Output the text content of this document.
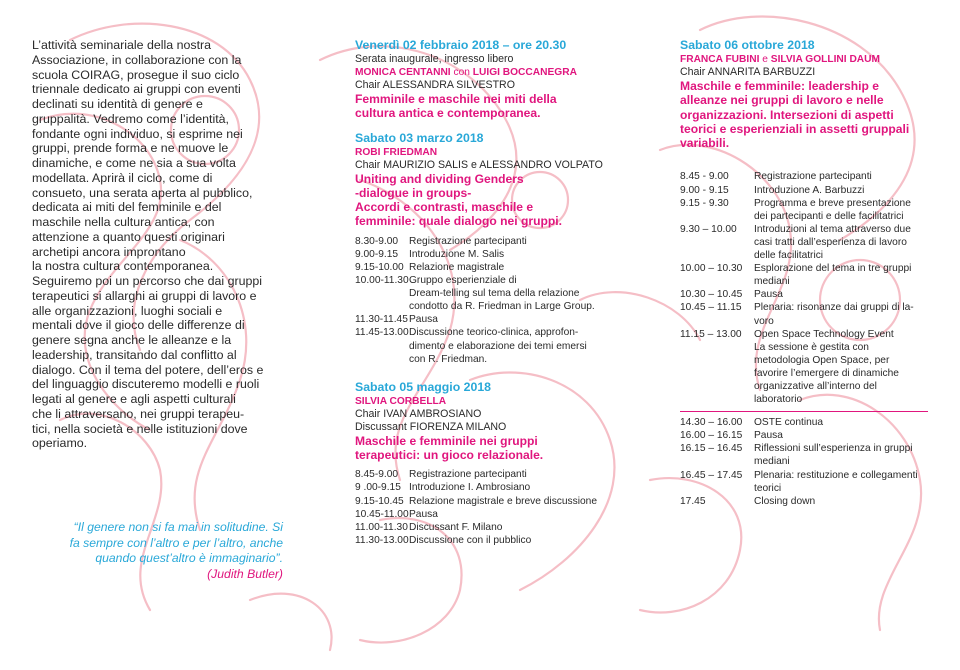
L’attività seminariale della nostra
Associazione, in collaborazione con la
scuola COIRAG, prosegue il suo ciclo
triennale dedicato ai gruppi con eventi
declinati su identità di genere e
gruppalità. Vedremo come l’identità,
fondante ogni individuo, si esprime nei
gruppi, prende forma e ne muove le
dinamiche, e come ne sia a sua volta
modellata. Aprirà il ciclo, come di
consueto, una serata aperta al pubblico,
dedicata ai miti del femminile e del
maschile nella cultura antica, con
attenzione a quanto questi originari
archetipi ancora improntano
la nostra cultura contemporanea.
Seguiremo poi un percorso che dai gruppi
terapeutici si allarghi ai gruppi di lavoro e
alle organizzazioni, luoghi sociali e
mentali dove il gioco delle differenze di
genere segna anche le alleanze e la
leadership, transitando dal conflitto al
dialogo. Con il tema del potere, dell’eros e
del linguaggio discuteremo modelli e ruoli
legati al genere e agli aspetti culturali
che li attraversano, nei gruppi terapeu-
tici, nella società e nelle istituzioni dove
operiamo.

“Il genere non si fa mai in solitudine. Si
fa sempre con l’altro e per l’altro, anche
quando quest’altro è immaginario”.
(Judith Butler)
Venerdì 02 febbraio 2018 – ore 20.30
Serata inaugurale, ingresso libero
MONICA CENTANNI con LUIGI BOCCANEGRA
Chair ALESSANDRA SILVESTRO
Femminile e maschile nei miti della
cultura antica e contemporanea.
Sabato 03 marzo 2018
ROBI FRIEDMAN
Chair MAURIZIO SALIS e ALESSANDRO VOLPATO
Uniting and dividing Genders
-dialogue in groups-
Accordi e contrasti, maschile e
femminile: quale dialogo nei gruppi.
8.30-9.00	Registrazione partecipanti
9.00-9.15	Introduzione M. Salis
9.15-10.00 Relazione magistrale
10.00-11.30 Gruppo esperienziale di
Dream-telling sul tema della relazione
condotto da R. Friedman in Large Group.
11.30-11.45 Pausa
11.45-13.00 Discussione teorico-clinica, approfon-
dimento e elaborazione dei temi emersi
con R. Friedman.
Sabato 05 maggio 2018
SILVIA CORBELLA
Chair IVAN AMBROSIANO
Discussant FIORENZA MILANO
Maschile e femminile nei gruppi
terapeutici: un gioco relazionale.
8.45-9.00	Registrazione partecipanti
9 .00-9.15 Introduzione I. Ambrosiano
9.15-10.45 Relazione magistrale e breve discussione
10.45-11.00 Pausa
11.00-11.30 Discussant F. Milano
11.30-13.00 Discussione con il pubblico
Sabato 06 ottobre 2018
FRANCA FUBINI e SILVIA GOLLINI DAUM
Chair ANNARITA BARBUZZI
Maschile e femminile: leadership e
alleanze nei gruppi di lavoro e nelle
organizzazioni. Intersezioni di aspetti
teorici e esperienziali in assetti gruppali
variabili.
8.45 - 9.00	Registrazione partecipanti
9.00 - 9.15	Introduzione A. Barbuzzi
9.15 - 9.30	Programma e breve presentazione
dei partecipanti e delle facilitatrici
9.30 – 10.00	Introduzioni al tema attraverso due
casi tratti dall’esperienza di lavoro
delle facilitatrici
10.00 – 10.30	Esplorazione del tema in tre gruppi
mediani
10.30 – 10.45	Pausa
10.45 – 11.15	Plenaria: risonanze dai gruppi di la-
voro
11.15 – 13.00	Open Space Technology Event
La sessione è gestita con
metodologia Open Space, per
favorire l’emergere di dinamiche
organizzative all’interno del
laboratorio
14.30 – 16.00	OSTE continua
16.00 – 16.15	Pausa
16.15 – 16.45	Riflessioni sull’esperienza in gruppi
mediani
16.45 – 17.45	Plenaria: restituzione e collegamenti
teorici
17.45	Closing down
